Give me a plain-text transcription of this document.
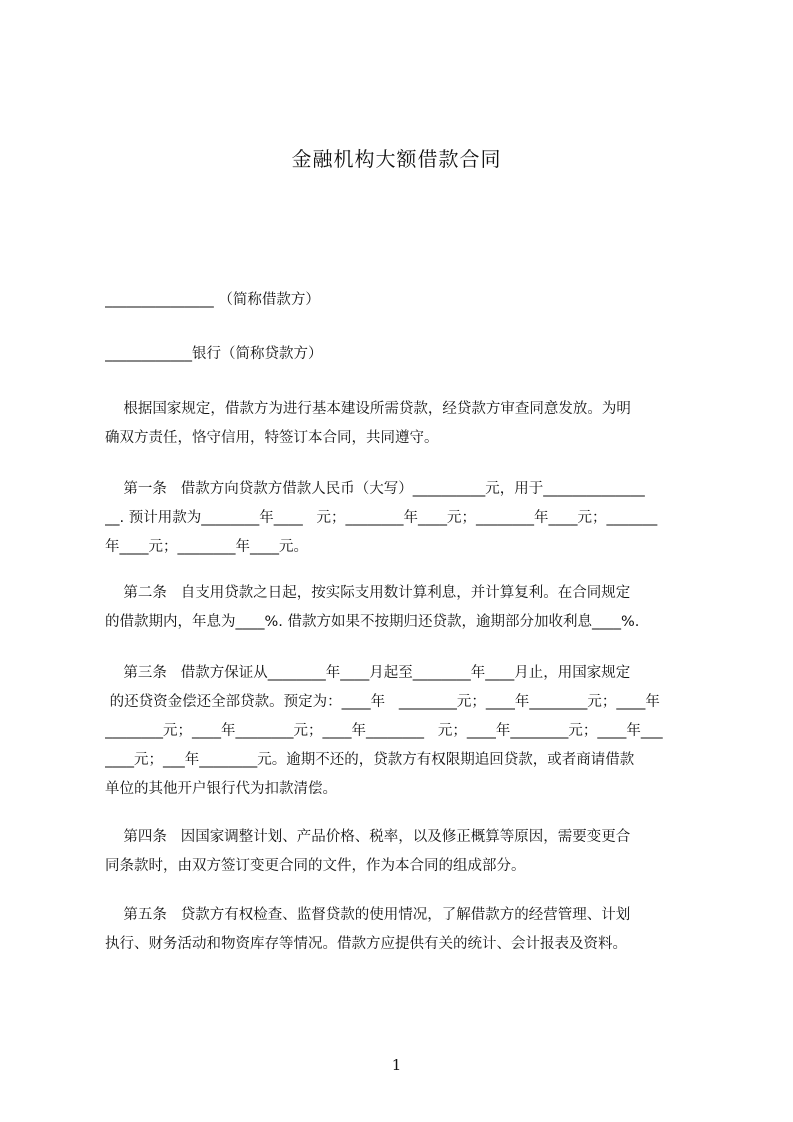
金融机构大额借款合同
_______________ （简称借款方）
____________银行（简称贷款方）
根据国家规定，借款方为进行基本建设所需贷款，经贷款方审查同意发放。为明
确双方责任，恪守信用，特签订本合同，共同遵守。
第一条   借款方向贷款方借款人民币（大写）__________元，用于______________
__. 预计用款为________年____   元；________年____元；________年____元；_______
年____元；________年____元。
第二条   自支用贷款之日起，按实际支用数计算利息，并计算复利。在合同规定
的借款期内，年息为____%. 借款方如果不按期归还贷款，逾期部分加收利息____%.
第三条   借款方保证从________年____月起至________年____月止，用国家规定
的还贷资金偿还全部贷款。预定为：____年   ________元；____年________元；____年
________元；____年________元；____年________   元；____年________元；____年___
____元；___年________元。逾期不还的，贷款方有权限期追回贷款，或者商请借款
单位的其他开户银行代为扣款清偿。
第四条   因国家调整计划、产品价格、税率，以及修正概算等原因，需要变更合
同条款时，由双方签订变更合同的文件，作为本合同的组成部分。
第五条   贷款方有权检查、监督贷款的使用情况，了解借款方的经营管理、计划
执行、财务活动和物资库存等情况。借款方应提供有关的统计、会计报表及资料。
1
